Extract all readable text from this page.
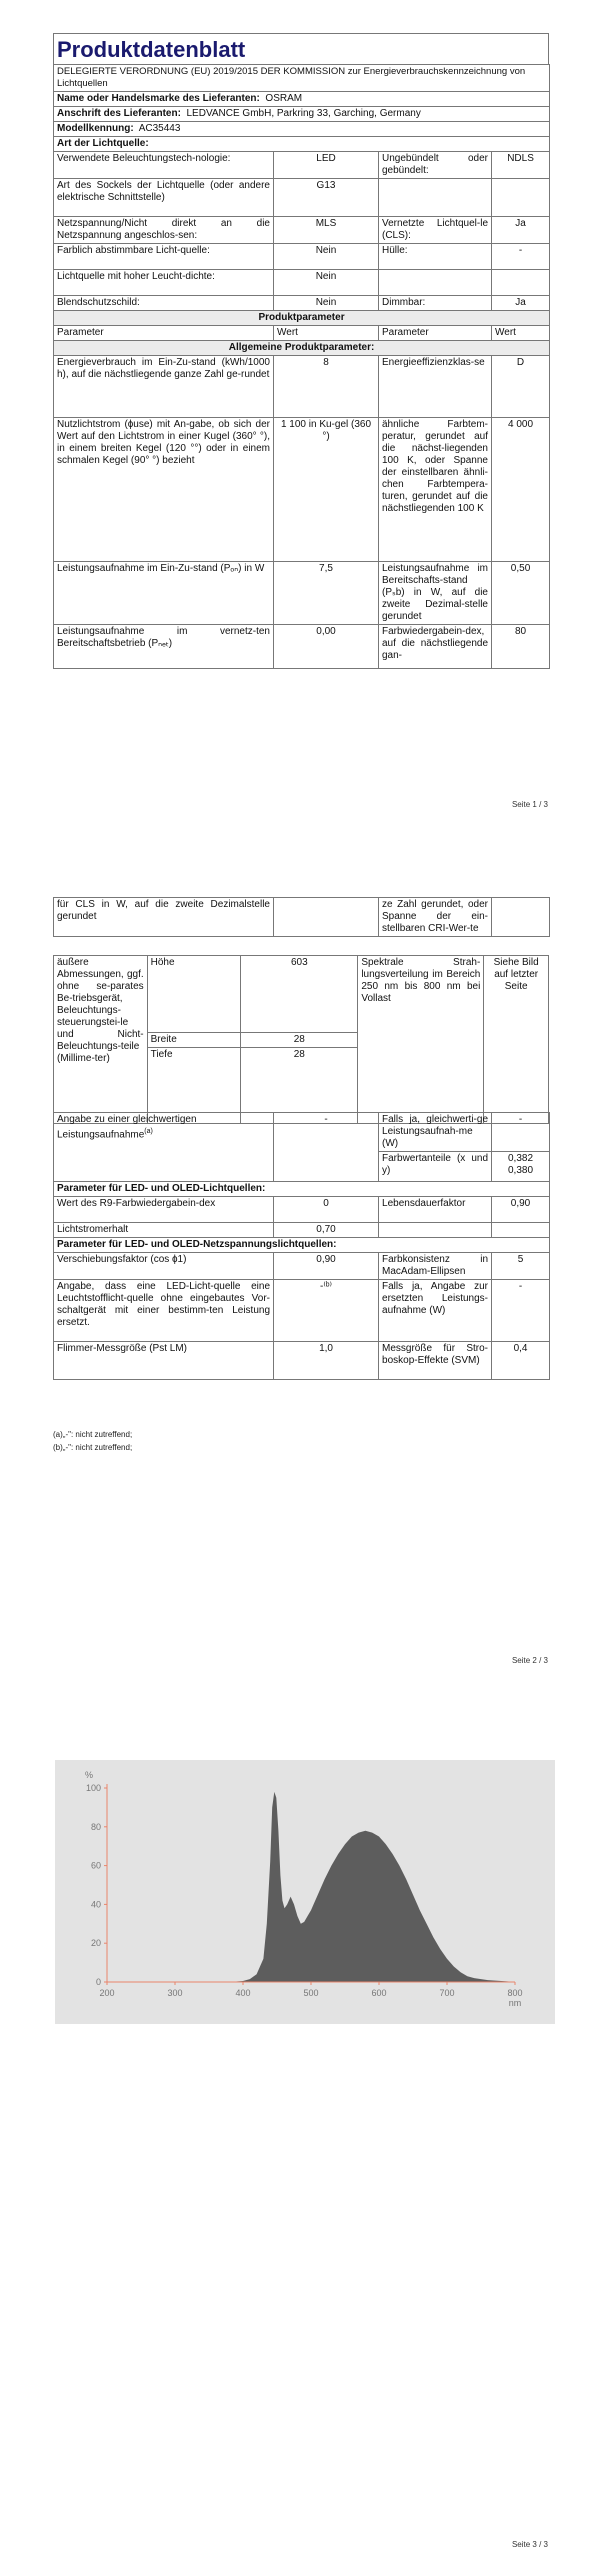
Produktdatenblatt
DELEGIERTE VERORDNUNG (EU) 2019/2015 DER KOMMISSION zur Energieverbrauchskennzeichnung von Lichtquellen			
Name oder Handelsmarke des Lieferanten: OSRAM			
Anschrift des Lieferanten: LEDVANCE GmbH, Parkring 33, Garching, Germany			
Modellkennung: AC35443			
Art der Lichtquelle:			
Verwendete Beleuchtungstech-nologie:	LED	Ungebündelt oder gebündelt:	NDLS
Art des Sockels der Lichtquelle (oder andere elektrische Schnittstelle)	G13		
Netzspannung/Nicht direkt an die Netzspannung angeschlos-sen:	MLS	Vernetzte Lichtquel-le (CLS):	Ja
Farblich abstimmbare Licht-quelle:	Nein	Hülle:	-
Lichtquelle mit hoher Leucht-dichte:	Nein		
Blendschutzschild:	Nein	Dimmbar:	Ja
Produktparameter			
Parameter	Wert	Parameter	Wert
Allgemeine Produktparameter:			
Energieverbrauch im Ein-Zu-stand (kWh/1000 h), auf die nächstliegende ganze Zahl ge-rundet	8	Energieeffizienzklas-se	D
Nutzlichtstrom (ɸuse) mit An-gabe, ob sich der Wert auf den Lichtstrom in einer Kugel (360° °), in einem breiten Kegel (120 °°) oder in einem schmalen Kegel (90° °) bezieht	1 100 in Ku-gel (360 °)	ähnliche Farbtem-peratur, gerundet auf die nächst-liegenden 100 K, oder Spanne der einstellbaren ähnli-chen Farbtempera-turen, gerundet auf die nächstliegenden 100 K	4 000
Leistungsaufnahme im Ein-Zu-stand (Pₒₙ) in W	7,5	Leistungsaufnahme im Bereitschafts-stand (Pₛb) in W, auf die zweite Dezimal-stelle gerundet	0,50
Leistungsaufnahme im vernetz-ten Bereitschaftsbetrieb (Pₙₑₜ)	0,00	Farbwiedergabein-dex, auf die nächstliegende gan-	80
Seite 1 / 3
für CLS in W, auf die zweite Dezimalstelle gerundet		ze Zahl gerundet, oder Spanne der ein-stellbaren CRI-Wer-te	
äußere Abmessungen, ggf. ohne se-parates Be-triebsgerät, Beleuchtungs-steuerungstei-le und Nicht-Beleuchtungs-teile (Millime-ter)	Höhe	603	Spektrale Strah-lungsverteilung im Bereich 250 nm bis 800 nm bei Vollast	Siehe Bild auf letzter Seite
	Breite	28		
	Tiefe	28		
Angabe zu einer gleichwertigen Leistungsaufnahme$^{(a)}$	-	Falls ja, gleichwerti-ge Leistungsaufnah-me (W)	-
		Farbwertanteile (x und y)	0,382
0,380

Parameter für LED- und OLED-Lichtquellen:			
Wert des R9-Farbwiedergabein-dex	0	Lebensdauerfaktor	0,90
Lichtstromerhalt	0,70		
Parameter für LED- und OLED-Netzspannungslichtquellen:			
Verschiebungsfaktor (cos ɸ1)	0,90	Farbkonsistenz in MacAdam-Ellipsen	5
Angabe, dass eine LED-Licht-quelle eine Leuchtstofflicht-quelle ohne eingebautes Vor-schaltgerät mit einer bestimm-ten Leistung ersetzt.	-⁽ᵇ⁾	Falls ja, Angabe zur ersetzten Leistungs-aufnahme (W)	-
Flimmer-Messgröße (Pst LM)	1,0	Messgröße für Stro-boskop-Effekte (SVM)	0,4
(a)„-": nicht zutreffend;
(b)„-": nicht zutreffend;
Seite 2 / 3
200	300	400	500	600	700	800
0
20
40
60
80
100
%
nm
Seite 3 / 3
